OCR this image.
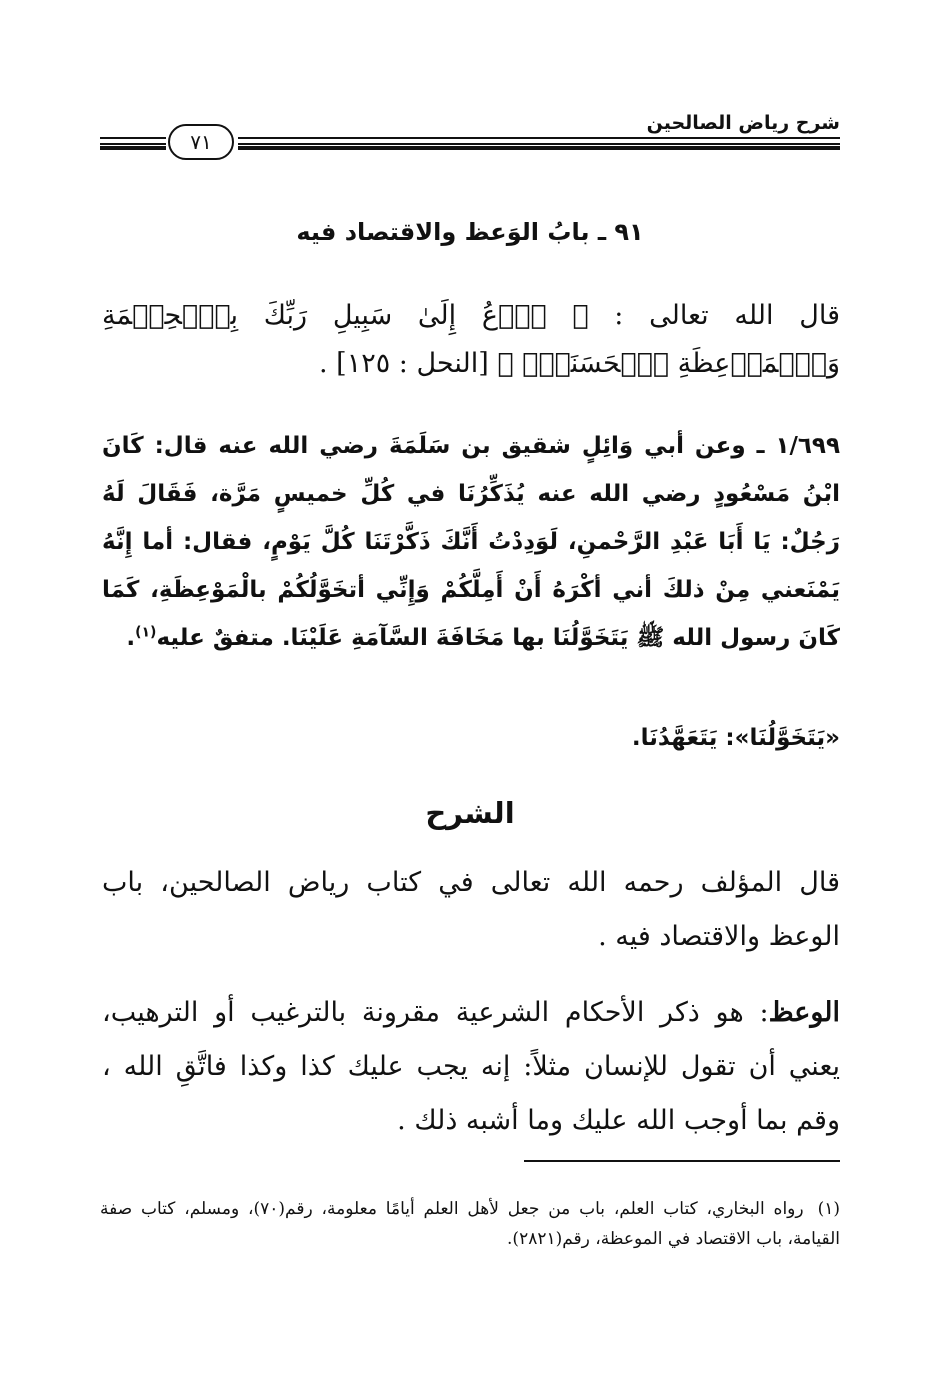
شرح رياض الصالحين
٧١
٩١ ـ بابُ الوَعظ والاقتصاد فيه
قال الله تعالى : ﴿ ٱدۡعُ إِلَىٰ سَبِيلِ رَبِّكَ بِٱلۡحِكۡمَةِ وَٱلۡمَوۡعِظَةِ ٱلۡحَسَنَةِۖ ﴾ [النحل : ١٢٥] .
١/٦٩٩ ـ وعن أبي وَائِلٍ شقيق بن سَلَمَةَ رضي الله عنه قال: كَانَ ابْنُ مَسْعُودٍ رضي الله عنه يُذَكِّرُنَا في كُلِّ خميسٍ مَرَّة، فَقَالَ لَهُ رَجُلٌ: يَا أَبَا عَبْدِ الرَّحْمنِ، لَوَدِدْتُ أَنَّكَ ذَكَّرْتَنَا كُلَّ يَوْمٍ، فقال: أما إِنَّهُ يَمْنَعني مِنْ ذلكَ أني أكْرَهُ أَنْ أَمِلَّكُمْ وَإِنِّي أتخَوَّلُكُمْ بالْمَوْعِظَةِ، كَمَا كَانَ رسول الله ﷺ يَتَخَوَّلُنَا بها مَخَافَةَ السَّآمَةِ عَلَيْنَا. متفقٌ عليه$^{(١)}$.
«يَتَخَوَّلُنَا»: يَتَعَهَّدُنَا.
الشرح
قال المؤلف رحمه الله تعالى في كتاب رياض الصالحين، باب الوعظ والاقتصاد فيه .
الوعظ: هو ذكر الأحكام الشرعية مقرونة بالترغيب أو الترهيب، يعني أن تقول للإنسان مثلاً: إنه يجب عليك كذا وكذا فاتَّقِ الله ، وقم بما أوجب الله عليك وما أشبه ذلك .
(١)رواه البخاري، كتاب العلم، باب من جعل لأهل العلم أيامًا معلومة، رقم(٧٠)، ومسلم، كتاب صفة القيامة، باب الاقتصاد في الموعظة، رقم(٢٨٢١).
